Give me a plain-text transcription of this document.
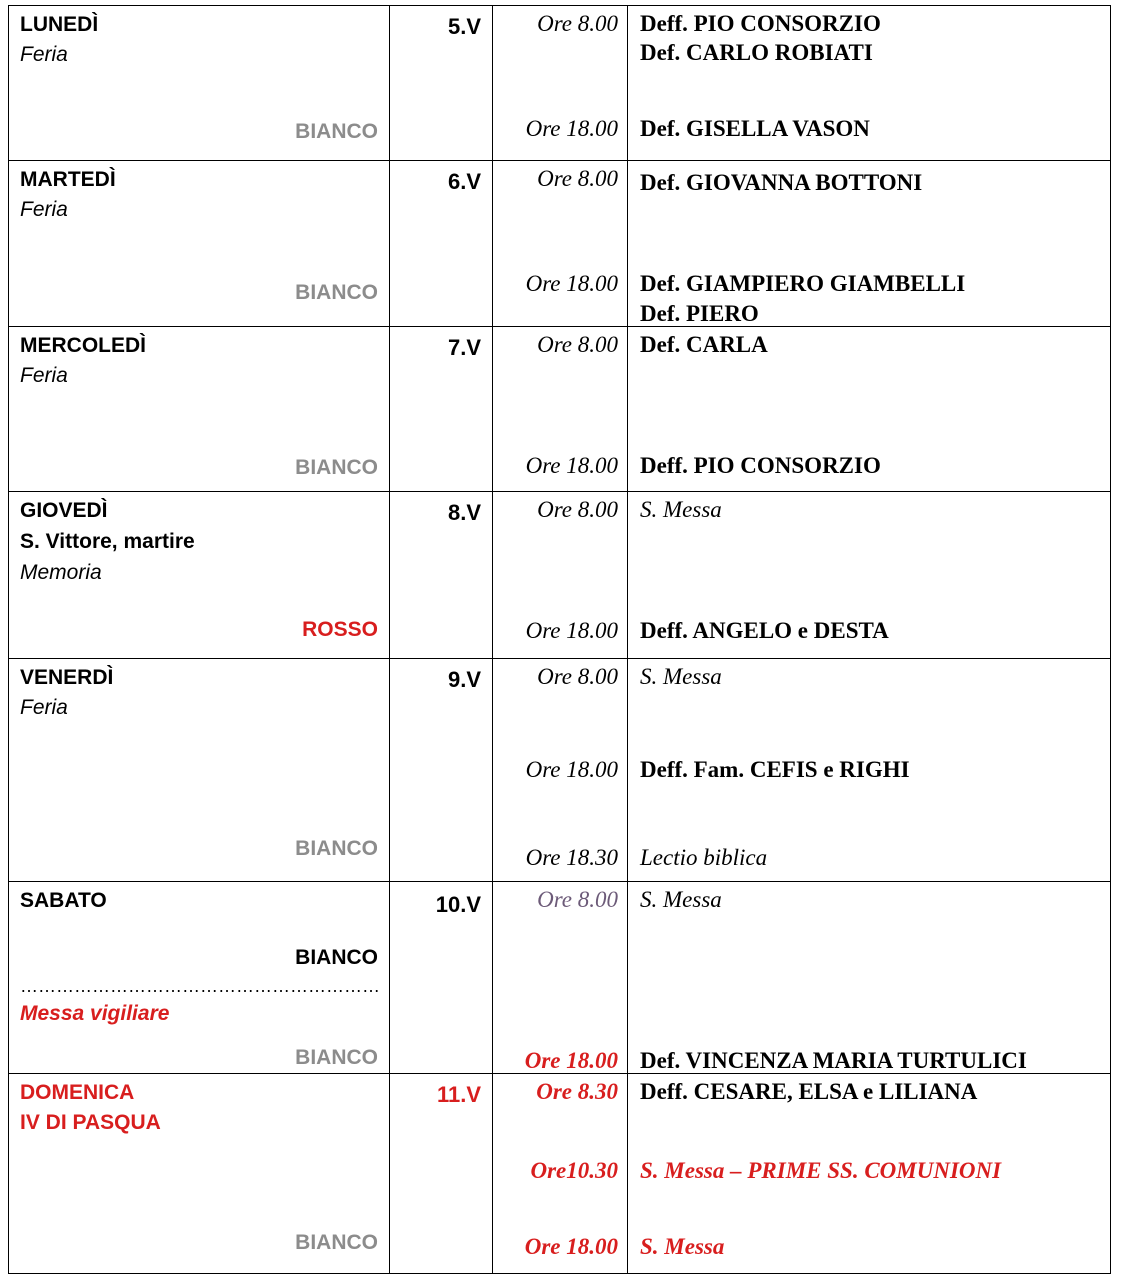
LUNEDÌ
Feria
BIANCO
5.V Ore 8.00 Deff. PIO CONSORZIO
Def. CARLO ROBIATI
Ore 18.00 Def. GISELLA VASON
MARTEDÌ
Feria
BIANCO
6.V Ore 8.00 Def. GIOVANNA BOTTONI
Ore 18.00 Def. GIAMPIERO GIAMBELLI
Def. PIERO
MERCOLEDÌ
Feria
BIANCO
7.V Ore 8.00 Def. CARLA
Ore 18.00 Deff. PIO CONSORZIO
GIOVEDÌ
S. Vittore, martire
Memoria
ROSSO
8.V Ore 8.00 S. Messa
Ore 18.00 Deff. ANGELO e DESTA
VENERDÌ
Feria
BIANCO
9.V Ore 8.00 S. Messa
Ore 18.00 Deff. Fam. CEFIS e RIGHI
Ore 18.30 Lectio biblica
SABATO
BIANCO
……………………………………………………
Messa vigiliare
BIANCO
10.V Ore 8.00 S. Messa
Ore 18.00 Def. VINCENZA MARIA TURTULICI
DOMENICA
IV DI PASQUA
BIANCO
11.V Ore 8.30 Deff. CESARE, ELSA e LILIANA
Ore10.30 S. Messa – PRIME SS. COMUNIONI
Ore 18.00 S. Messa
